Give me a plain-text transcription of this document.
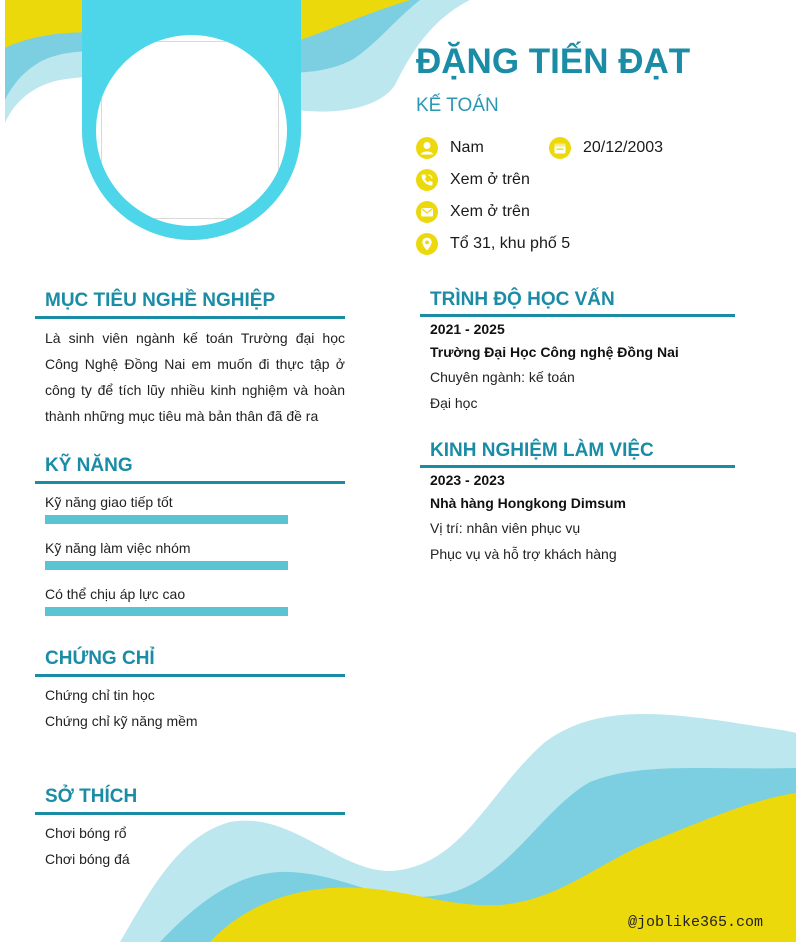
ĐẶNG TIẾN ĐẠT
KẾ TOÁN
Nam	20/12/2003
Xem ở trên
Xem ở trên
Tổ 31, khu phố 5
MỤC TIÊU NGHỀ NGHIỆP

Là sinh viên ngành kế toán Trường đại học Công Nghệ Đồng Nai em muốn đi thực tập ở công ty để tích lũy nhiều kinh nghiệm và hoàn thành những mục tiêu mà bản thân đã đề ra

KỸ NĂNG
Kỹ năng giao tiếp tốt
Kỹ năng làm việc nhóm
Có thể chịu áp lực cao
CHỨNG CHỈ
Chứng chỉ tin học
Chứng chỉ kỹ năng mềm
SỞ THÍCH
Chơi bóng rổ
Chơi bóng đá
TRÌNH ĐỘ HỌC VẤN
2021 - 2025
Trường Đại Học Công nghệ Đồng Nai
Chuyên ngành: kế toán
Đại học
KINH NGHIỆM LÀM VIỆC
2023 - 2023
Nhà hàng Hongkong Dimsum
Vị trí: nhân viên phục vụ
Phục vụ và hỗ trợ khách hàng
@joblike365.com
